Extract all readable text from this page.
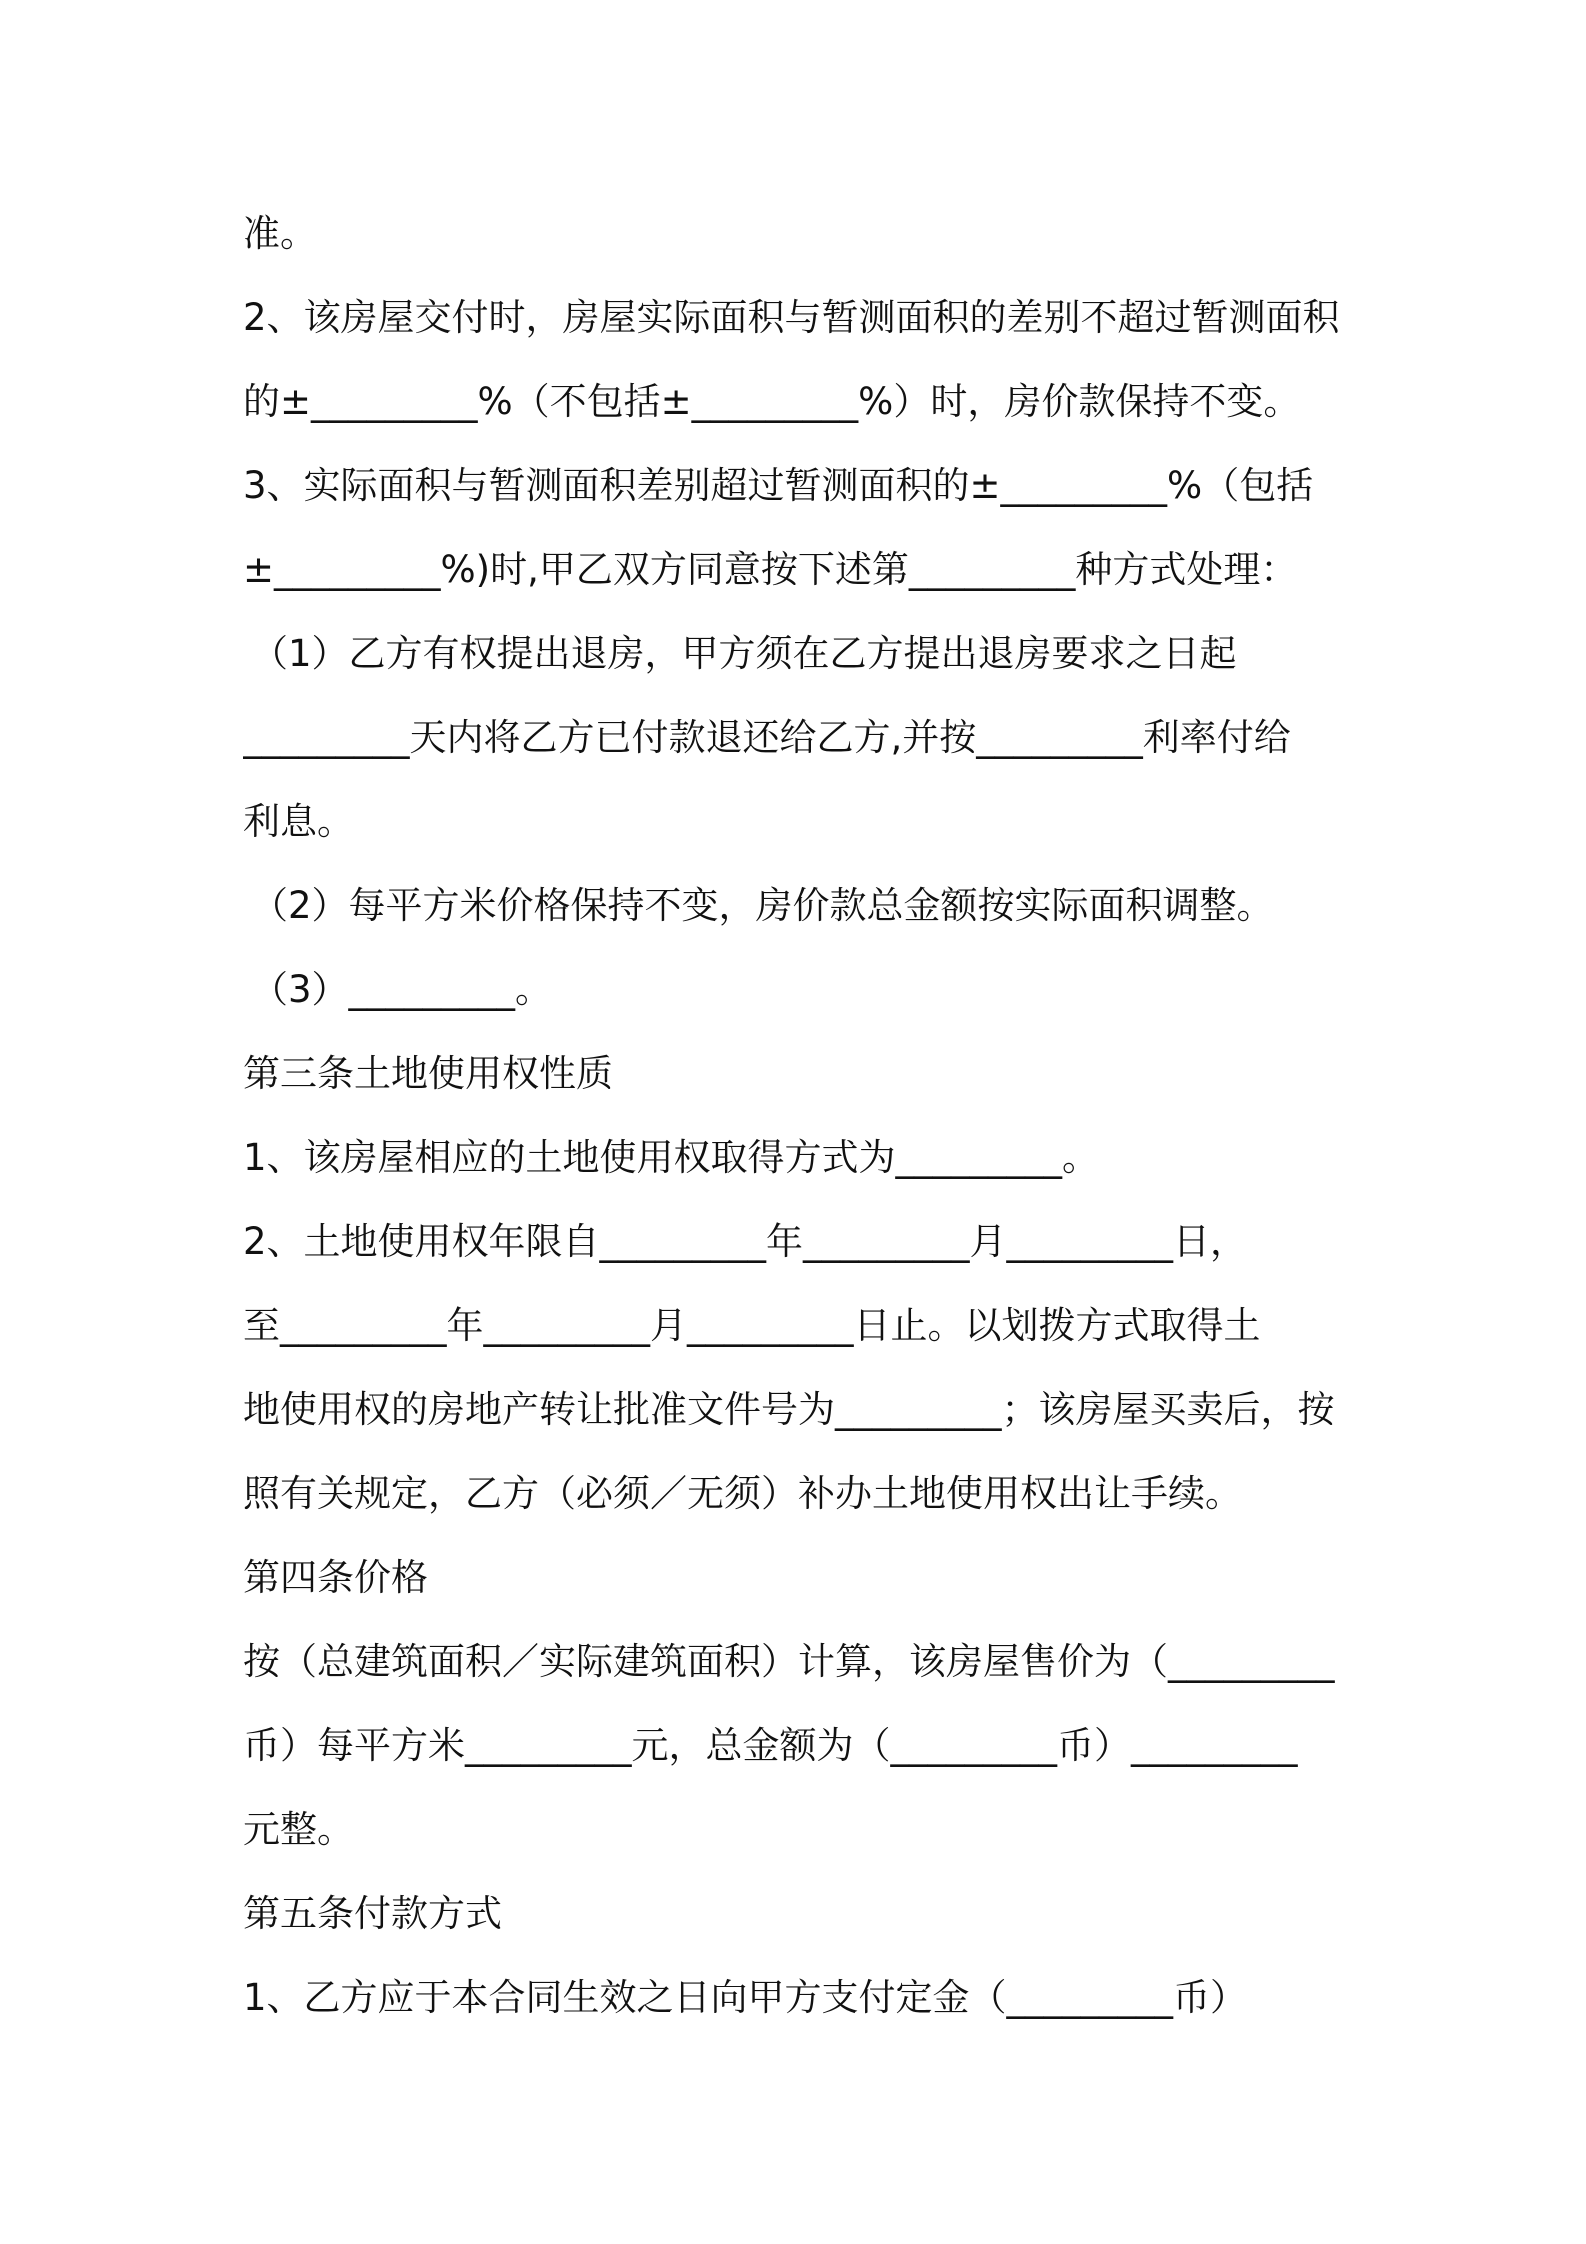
准。
2、该房屋交付时，房屋实际面积与暂测面积的差别不超过暂测面积
的±_________%（不包括±_________%）时，房价款保持不变。
3、实际面积与暂测面积差别超过暂测面积的±_________%（包括
±_________%)时,甲乙双方同意按下述第_________种方式处理：
（1）乙方有权提出退房，甲方须在乙方提出退房要求之日起
_________天内将乙方已付款退还给乙方,并按_________利率付给
利息。
（2）每平方米价格保持不变，房价款总金额按实际面积调整。
（3）_________。
第三条土地使用权性质
1、该房屋相应的土地使用权取得方式为_________。
2、土地使用权年限自_________年_________月_________日，
至_________年_________月_________日止。以划拨方式取得土
地使用权的房地产转让批准文件号为_________；该房屋买卖后，按
照有关规定，乙方（必须／无须）补办土地使用权出让手续。
第四条价格
按（总建筑面积／实际建筑面积）计算，该房屋售价为（_________
币）每平方米_________元，总金额为（_________币）_________
元整。
第五条付款方式
1、乙方应于本合同生效之日向甲方支付定金（_________币）
